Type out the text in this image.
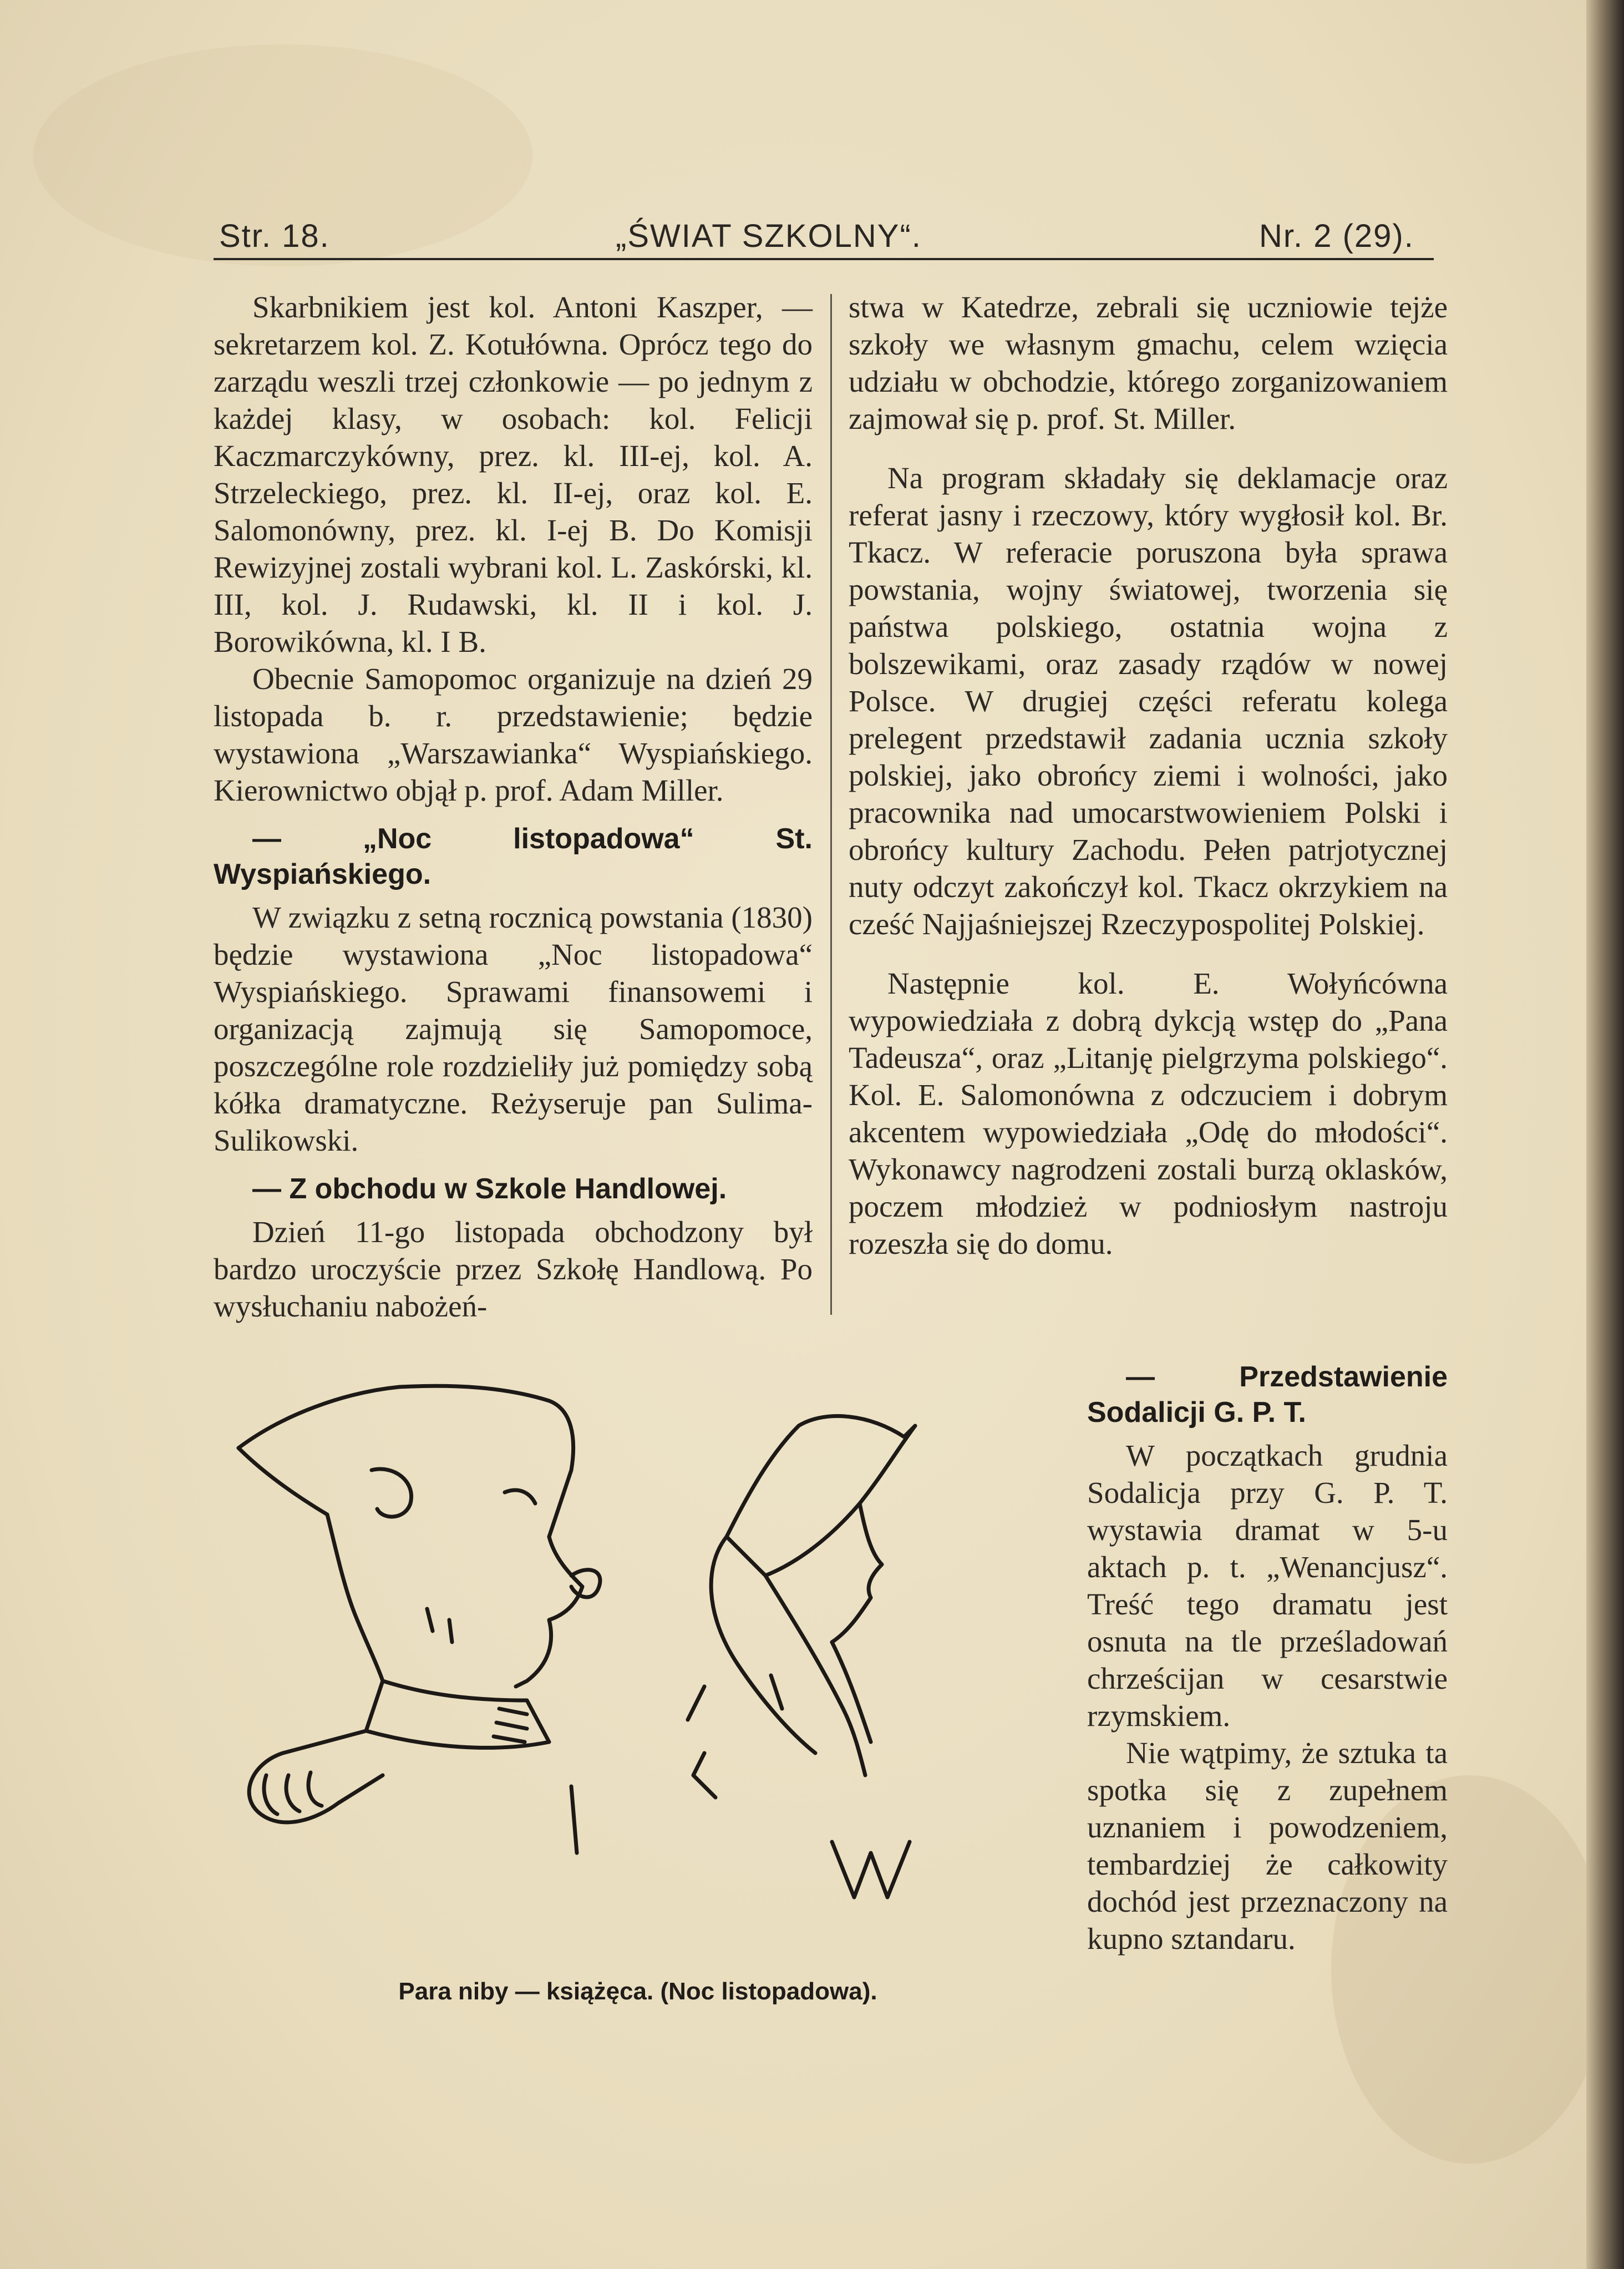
Str. 18.	„ŚWIAT SZKOLNY“.	Nr. 2 (29).

Skarbnikiem jest kol. Antoni Kaszper, — sekretarzem kol. Z. Kotułówna. Oprócz tego do zarządu weszli trzej członkowie — po jednym z każdej klasy, w osobach: kol. Felicji Kaczmarczykówny, prez. kl. III-ej, kol. A. Strzeleckiego, prez. kl. II-ej, oraz kol. E. Salomonówny, prez. kl. I-ej B. Do Komisji Rewizyjnej zostali wybrani kol. L. Zaskórski, kl. III, kol. J. Rudawski, kl. II i kol. J. Borowikówna, kl. I B.

Obecnie Samopomoc organizuje na dzień 29 listopada b. r. przedstawienie; będzie wystawiona „Warszawianka“ Wyspiańskiego. Kierownictwo objął p. prof. Adam Miller.

— „Noc listopadowa“ St. Wyspiańskiego.

W związku z setną rocznicą powstania (1830) będzie wystawiona „Noc listopadowa“ Wyspiańskiego. Sprawami finansowemi i organizacją zajmują się Samopomoce, poszczególne role rozdzieliły już pomiędzy sobą kółka dramatyczne. Reżyseruje pan Sulima-Sulikowski.

— Z obchodu w Szkole Handlowej.

Dzień 11-go listopada obchodzony był bardzo uroczyście przez Szkołę Handlową. Po wysłuchaniu nabożeń-

stwa w Katedrze, zebrali się uczniowie tejże szkoły we własnym gmachu, celem wzięcia udziału w obchodzie, którego zorganizowaniem zajmował się p. prof. St. Miller.

Na program składały się deklamacje oraz referat jasny i rzeczowy, który wygłosił kol. Br. Tkacz. W referacie poruszona była sprawa powstania, wojny światowej, tworzenia się państwa polskiego, ostatnia wojna z bolszewikami, oraz zasady rządów w nowej Polsce. W drugiej części referatu kolega prelegent przedstawił zadania ucznia szkoły polskiej, jako obrońcy ziemi i wolności, jako pracownika nad umocarstwowieniem Polski i obrońcy kultury Zachodu. Pełen patrjotycznej nuty odczyt zakończył kol. Tkacz okrzykiem na cześć Najjaśniejszej Rzeczypospolitej Polskiej.

Następnie kol. E. Wołyńcówna wypowiedziała z dobrą dykcją wstęp do „Pana Tadeusza“, oraz „Litanję pielgrzyma polskiego“. Kol. E. Salomonówna z odczuciem i dobrym akcentem wypowiedziała „Odę do młodości“. Wykonawcy nagrodzeni zostali burzą oklasków, poczem młodzież w podniosłym nastroju rozeszła się do domu.

Para niby — książęca. (Noc listopadowa).

— Przedstawienie Sodalicji G. P. T.

W początkach grudnia Sodalicja przy G. P. T. wystawia dramat w 5-u aktach p. t. „Wenancjusz“. Treść tego dramatu jest osnuta na tle prześladowań chrześcijan w cesarstwie rzymskiem.

Nie wątpimy, że sztuka ta spotka się z zupełnem uznaniem i powodzeniem, tembardziej że całkowity dochód jest przeznaczony na kupno sztandaru.
